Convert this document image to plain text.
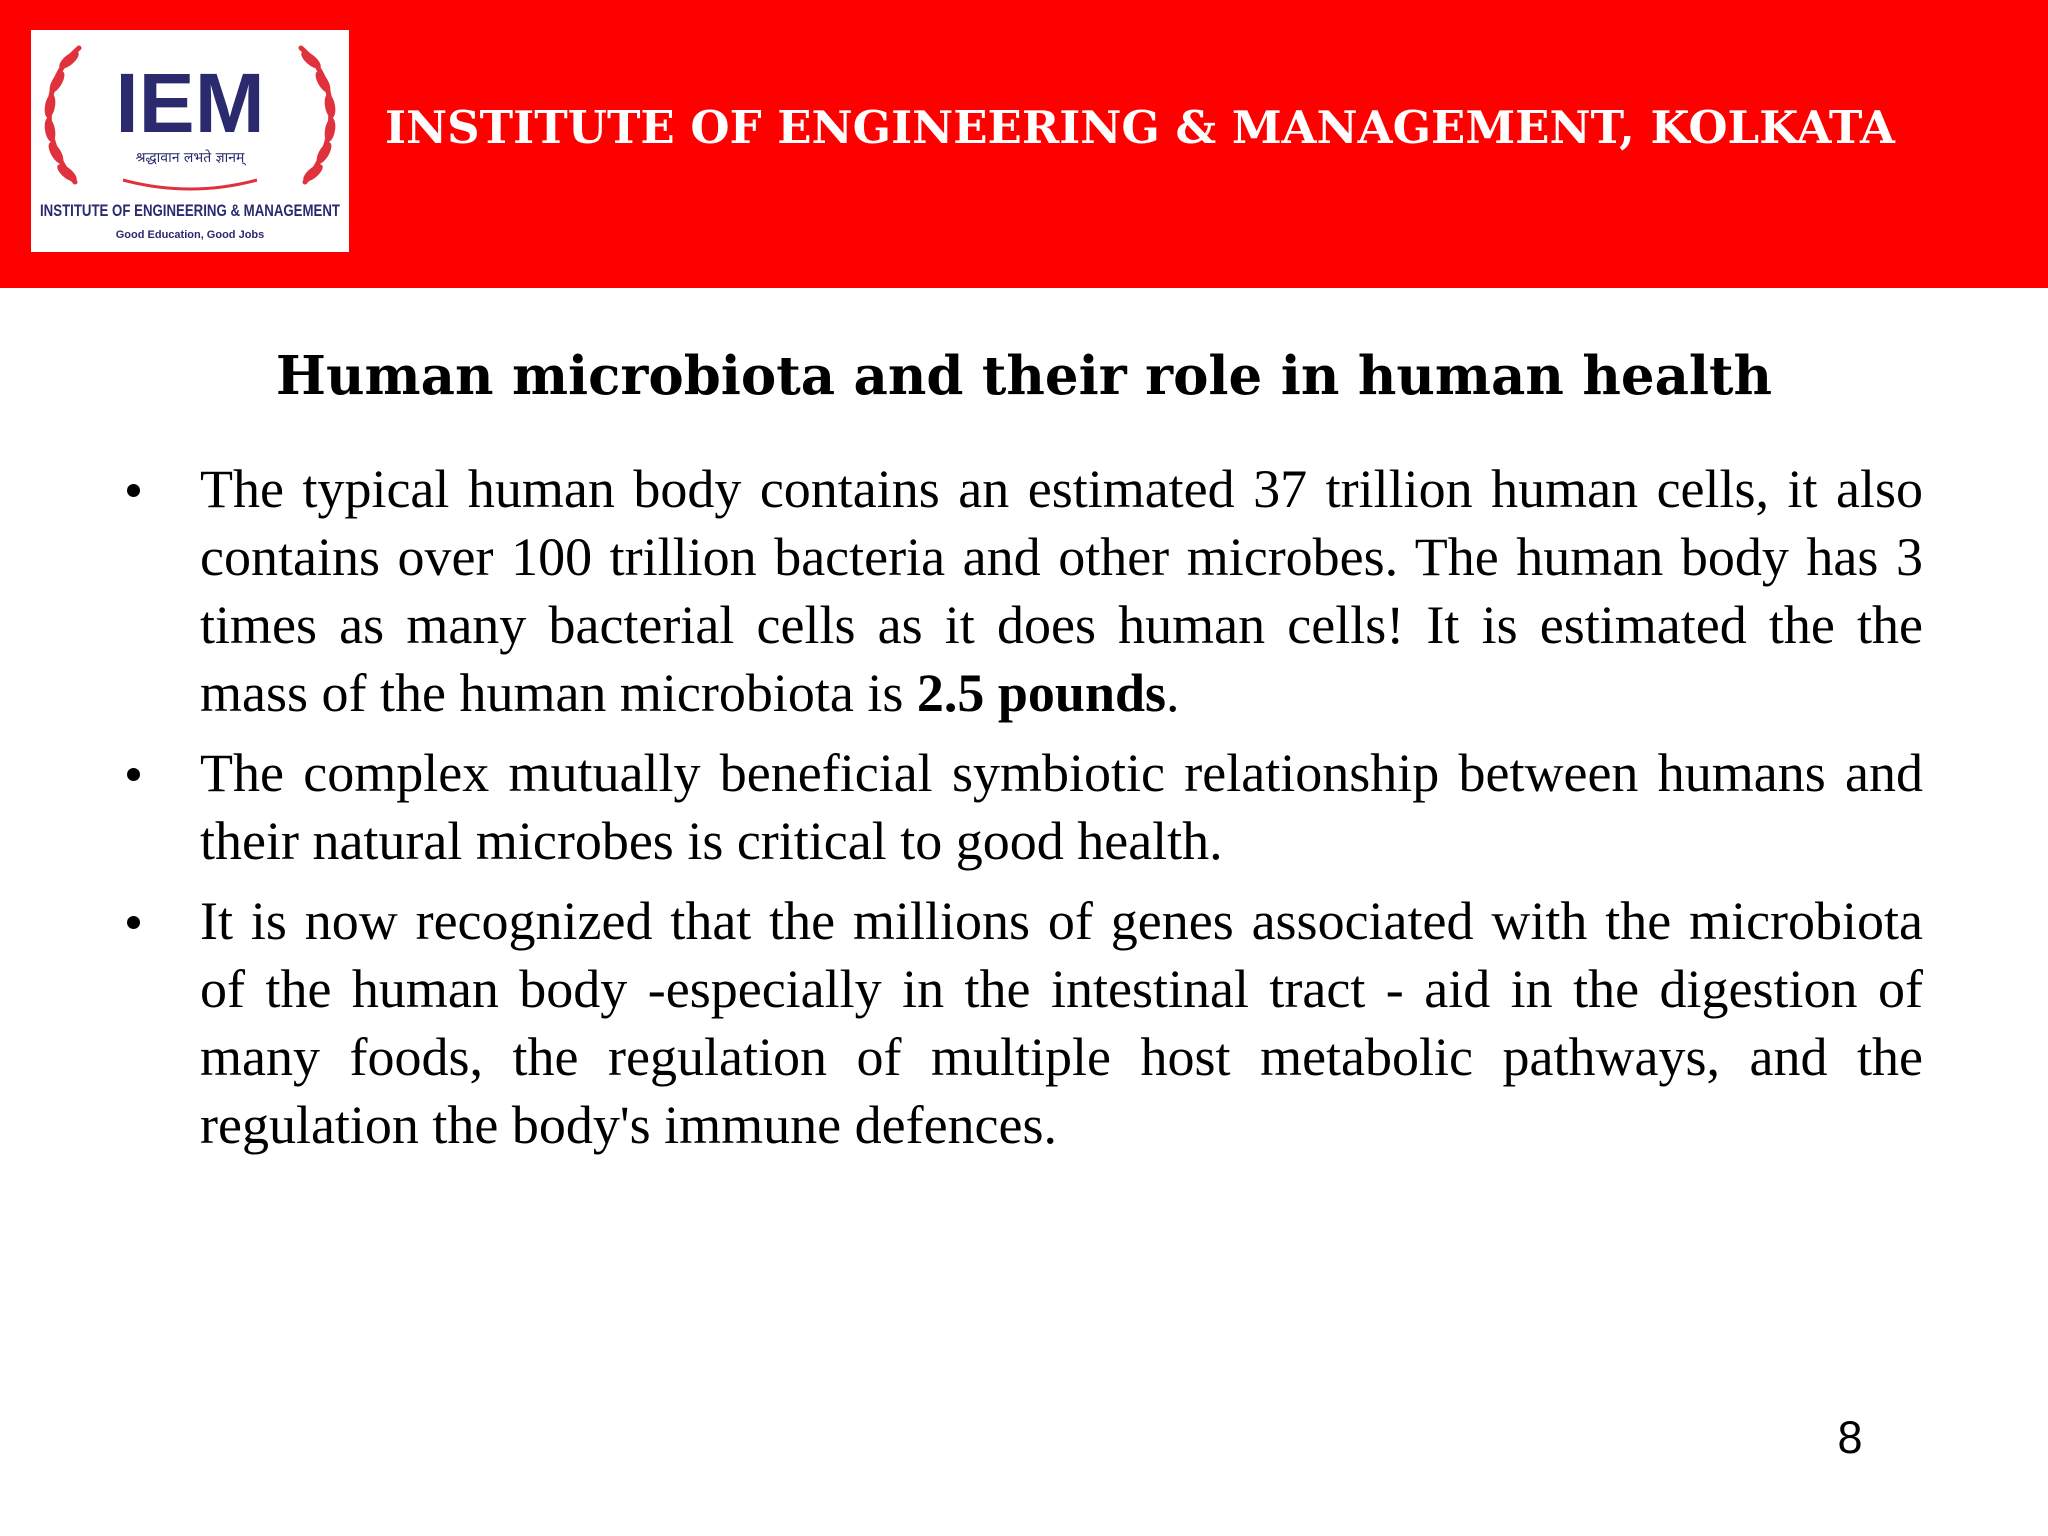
IEM
श्रद्धावान लभते ज्ञानम्
INSTITUTE OF ENGINEERING & MANAGEMENT
Good Education, Good Jobs
INSTITUTE OF ENGINEERING & MANAGEMENT, KOLKATA
Human microbiota and their role in human health
The typical human body contains an estimated 37 trillion human cells, it also contains over 100 trillion bacteria and other microbes. The human body has 3 times as many bacterial cells as it does human cells! It is estimated the the mass of the human microbiota is 2.5 pounds.
The complex mutually beneficial symbiotic relationship between humans and their natural microbes is critical to good health.
It is now recognized that the millions of genes associated with the microbiota of the human body -especially in the intestinal tract - aid in the digestion of many foods, the regulation of multiple host metabolic pathways, and the regulation the body's immune defences.
8
